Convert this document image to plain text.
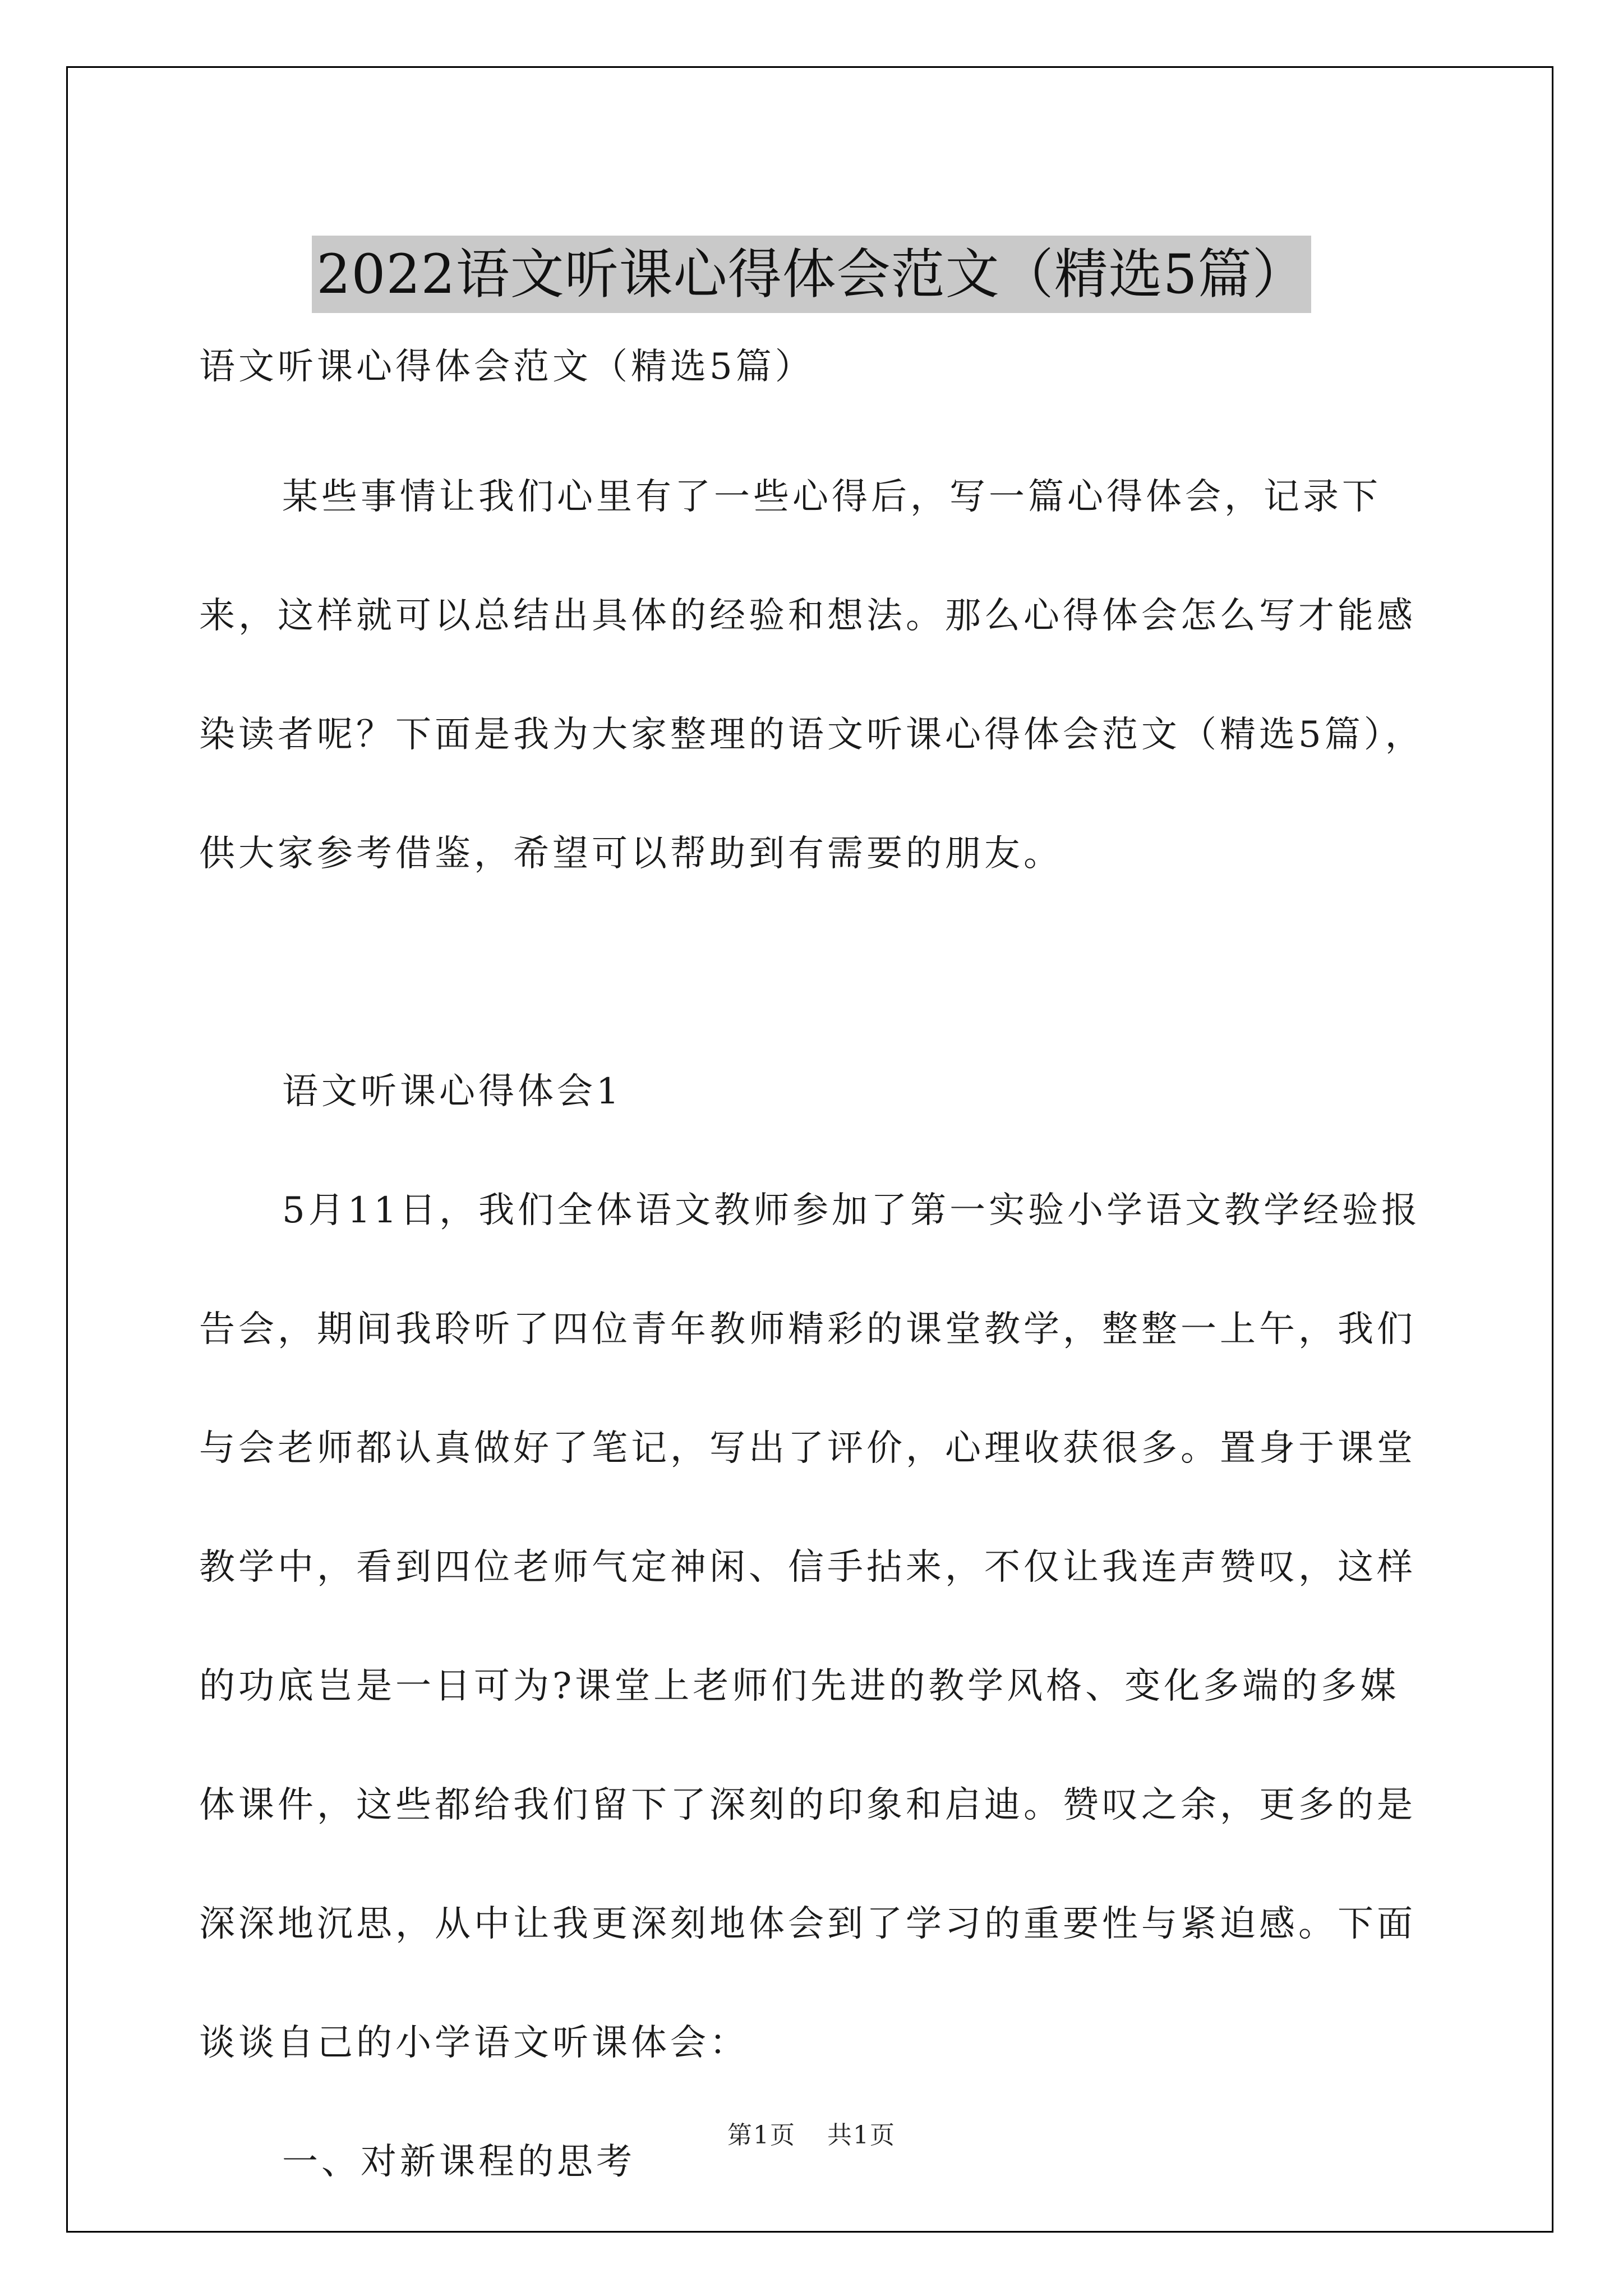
2022语文听课心得体会范文（精选5篇）

语文听课心得体会范文（精选5篇）

某些事情让我们心里有了一些心得后，写一篇心得体会，记录下来，这样就可以总结出具体的经验和想法。那么心得体会怎么写才能感染读者呢？下面是我为大家整理的语文听课心得体会范文（精选5篇），供大家参考借鉴，希望可以帮助到有需要的朋友。

语文听课心得体会1

5月11日，我们全体语文教师参加了第一实验小学语文教学经验报告会，期间我聆听了四位青年教师精彩的课堂教学，整整一上午，我们与会老师都认真做好了笔记，写出了评价，心理收获很多。置身于课堂教学中，看到四位老师气定神闲、信手拈来，不仅让我连声赞叹，这样的功底岂是一日可为?课堂上老师们先进的教学风格、变化多端的多媒体课件，这些都给我们留下了深刻的印象和启迪。赞叹之余，更多的是深深地沉思，从中让我更深刻地体会到了学习的重要性与紧迫感。下面谈谈自己的小学语文听课体会：

一、对新课程的思考

第1页 共1页
